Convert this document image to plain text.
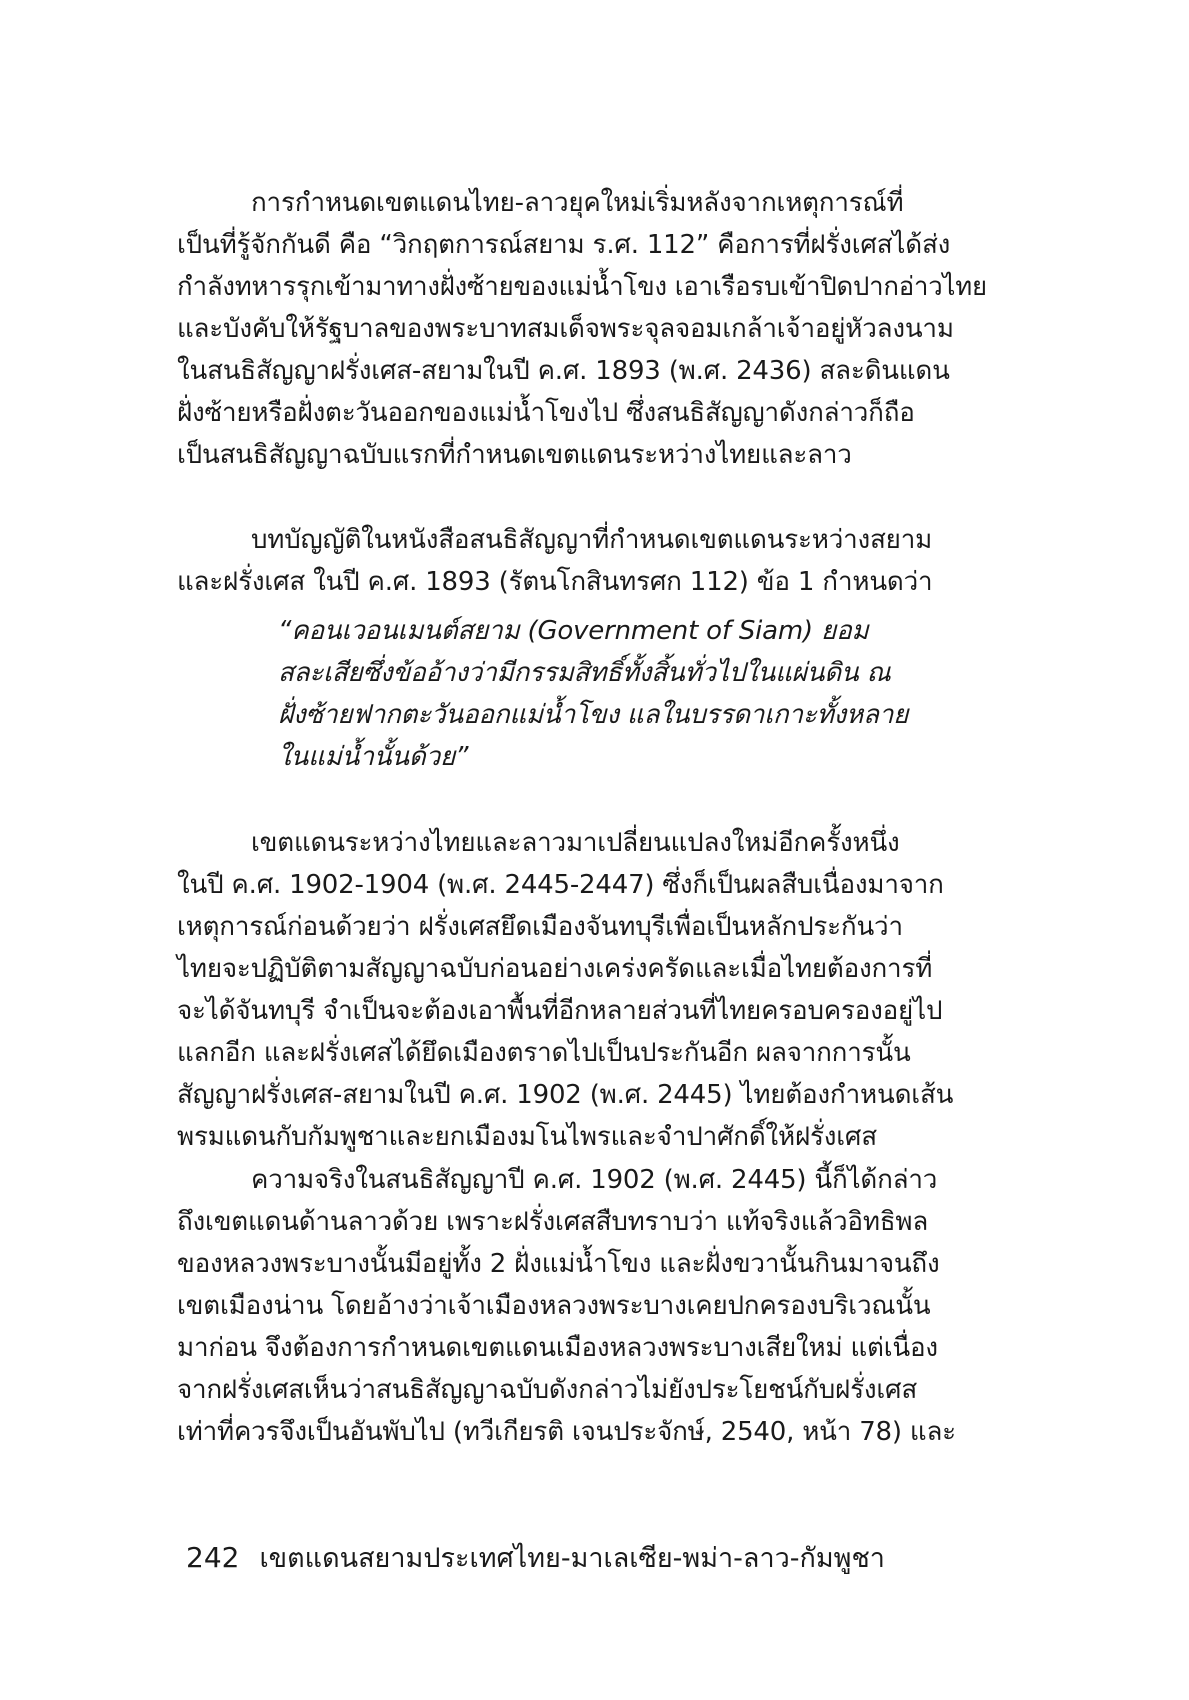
การกำหนดเขตแดนไทย-ลาวยุคใหม่เริ่มหลังจากเหตุการณ์ที่
เป็นที่รู้จักกันดี คือ “วิกฤตการณ์สยาม ร.ศ. 112” คือการที่ฝรั่งเศสได้ส่ง
กำลังทหารรุกเข้ามาทางฝั่งซ้ายของแม่น้ำโขง เอาเรือรบเข้าปิดปากอ่าวไทย
และบังคับให้รัฐบาลของพระบาทสมเด็จพระจุลจอมเกล้าเจ้าอยู่หัวลงนาม
ในสนธิสัญญาฝรั่งเศส-สยามในปี ค.ศ. 1893 (พ.ศ. 2436) สละดินแดน
ฝั่งซ้ายหรือฝั่งตะวันออกของแม่น้ำโขงไป ซึ่งสนธิสัญญาดังกล่าวก็ถือ
เป็นสนธิสัญญาฉบับแรกที่กำหนดเขตแดนระหว่างไทยและลาว
บทบัญญัติในหนังสือสนธิสัญญาที่กำหนดเขตแดนระหว่างสยาม
และฝรั่งเศส ในปี ค.ศ. 1893 (รัตนโกสินทรศก 112) ข้อ 1 กำหนดว่า
“คอนเวอนเมนต์สยาม (Government of Siam) ยอม
สละเสียซึ่งข้ออ้างว่ามีกรรมสิทธิ์ทั้งสิ้นทั่วไปในแผ่นดิน ณ
ฝั่งซ้ายฟากตะวันออกแม่น้ำโขง แลในบรรดาเกาะทั้งหลาย
ในแม่น้ำนั้นด้วย”
เขตแดนระหว่างไทยและลาวมาเปลี่ยนแปลงใหม่อีกครั้งหนึ่ง
ในปี ค.ศ. 1902-1904 (พ.ศ. 2445-2447) ซึ่งก็เป็นผลสืบเนื่องมาจาก
เหตุการณ์ก่อนด้วยว่า ฝรั่งเศสยึดเมืองจันทบุรีเพื่อเป็นหลักประกันว่า
ไทยจะปฏิบัติตามสัญญาฉบับก่อนอย่างเคร่งครัดและเมื่อไทยต้องการที่
จะได้จันทบุรี จำเป็นจะต้องเอาพื้นที่อีกหลายส่วนที่ไทยครอบครองอยู่ไป
แลกอีก และฝรั่งเศสได้ยึดเมืองตราดไปเป็นประกันอีก ผลจากการนั้น
สัญญาฝรั่งเศส-สยามในปี ค.ศ. 1902 (พ.ศ. 2445) ไทยต้องกำหนดเส้น
พรมแดนกับกัมพูชาและยกเมืองมโนไพรและจำปาศักดิ์ให้ฝรั่งเศส
ความจริงในสนธิสัญญาปี ค.ศ. 1902 (พ.ศ. 2445) นี้ก็ได้กล่าว
ถึงเขตแดนด้านลาวด้วย เพราะฝรั่งเศสสืบทราบว่า แท้จริงแล้วอิทธิพล
ของหลวงพระบางนั้นมีอยู่ทั้ง 2 ฝั่งแม่น้ำโขง และฝั่งขวานั้นกินมาจนถึง
เขตเมืองน่าน โดยอ้างว่าเจ้าเมืองหลวงพระบางเคยปกครองบริเวณนั้น
มาก่อน จึงต้องการกำหนดเขตแดนเมืองหลวงพระบางเสียใหม่ แต่เนื่อง
จากฝรั่งเศสเห็นว่าสนธิสัญญาฉบับดังกล่าวไม่ยังประโยชน์กับฝรั่งเศส
เท่าที่ควรจึงเป็นอันพับไป (ทวีเกียรติ เจนประจักษ์, 2540, หน้า 78) และ
242 เขตแดนสยามประเทศไทย-มาเลเซีย-พม่า-ลาว-กัมพูชา
